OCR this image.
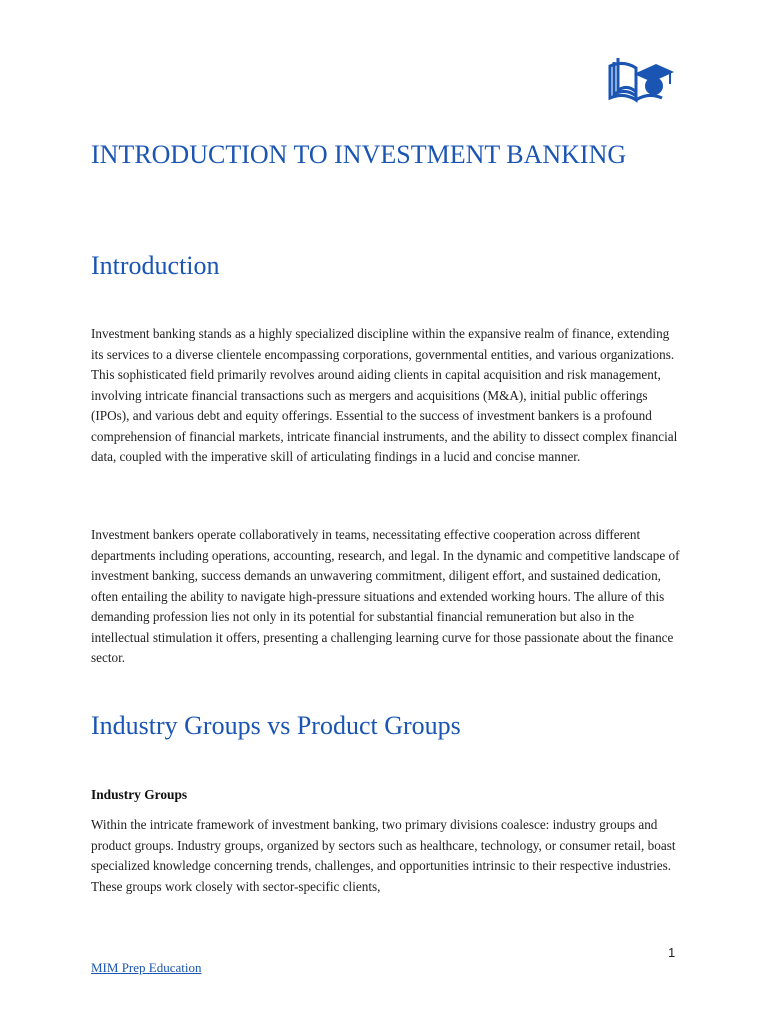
INTRODUCTION TO INVESTMENT BANKING
Introduction

Investment banking stands as a highly specialized discipline within the expansive realm of finance, extending its services to a diverse clientele encompassing corporations, governmental entities, and various organizations. This sophisticated field primarily revolves around aiding clients in capital acquisition and risk management, involving intricate financial transactions such as mergers and acquisitions (M&A), initial public offerings (IPOs), and various debt and equity offerings. Essential to the success of investment bankers is a profound comprehension of financial markets, intricate financial instruments, and the ability to dissect complex financial data, coupled with the imperative skill of articulating findings in a lucid and concise manner.

Investment bankers operate collaboratively in teams, necessitating effective cooperation across different departments including operations, accounting, research, and legal. In the dynamic and competitive landscape of investment banking, success demands an unwavering commitment, diligent effort, and sustained dedication, often entailing the ability to navigate high-pressure situations and extended working hours. The allure of this demanding profession lies not only in its potential for substantial financial remuneration but also in the intellectual stimulation it offers, presenting a challenging learning curve for those passionate about the finance sector.

Industry Groups vs Product Groups
Industry Groups

Within the intricate framework of investment banking, two primary divisions coalesce: industry groups and product groups. Industry groups, organized by sectors such as healthcare, technology, or consumer retail, boast specialized knowledge concerning trends, challenges, and opportunities intrinsic to their respective industries. These groups work closely with sector-specific clients,

1
MIM Prep Education
